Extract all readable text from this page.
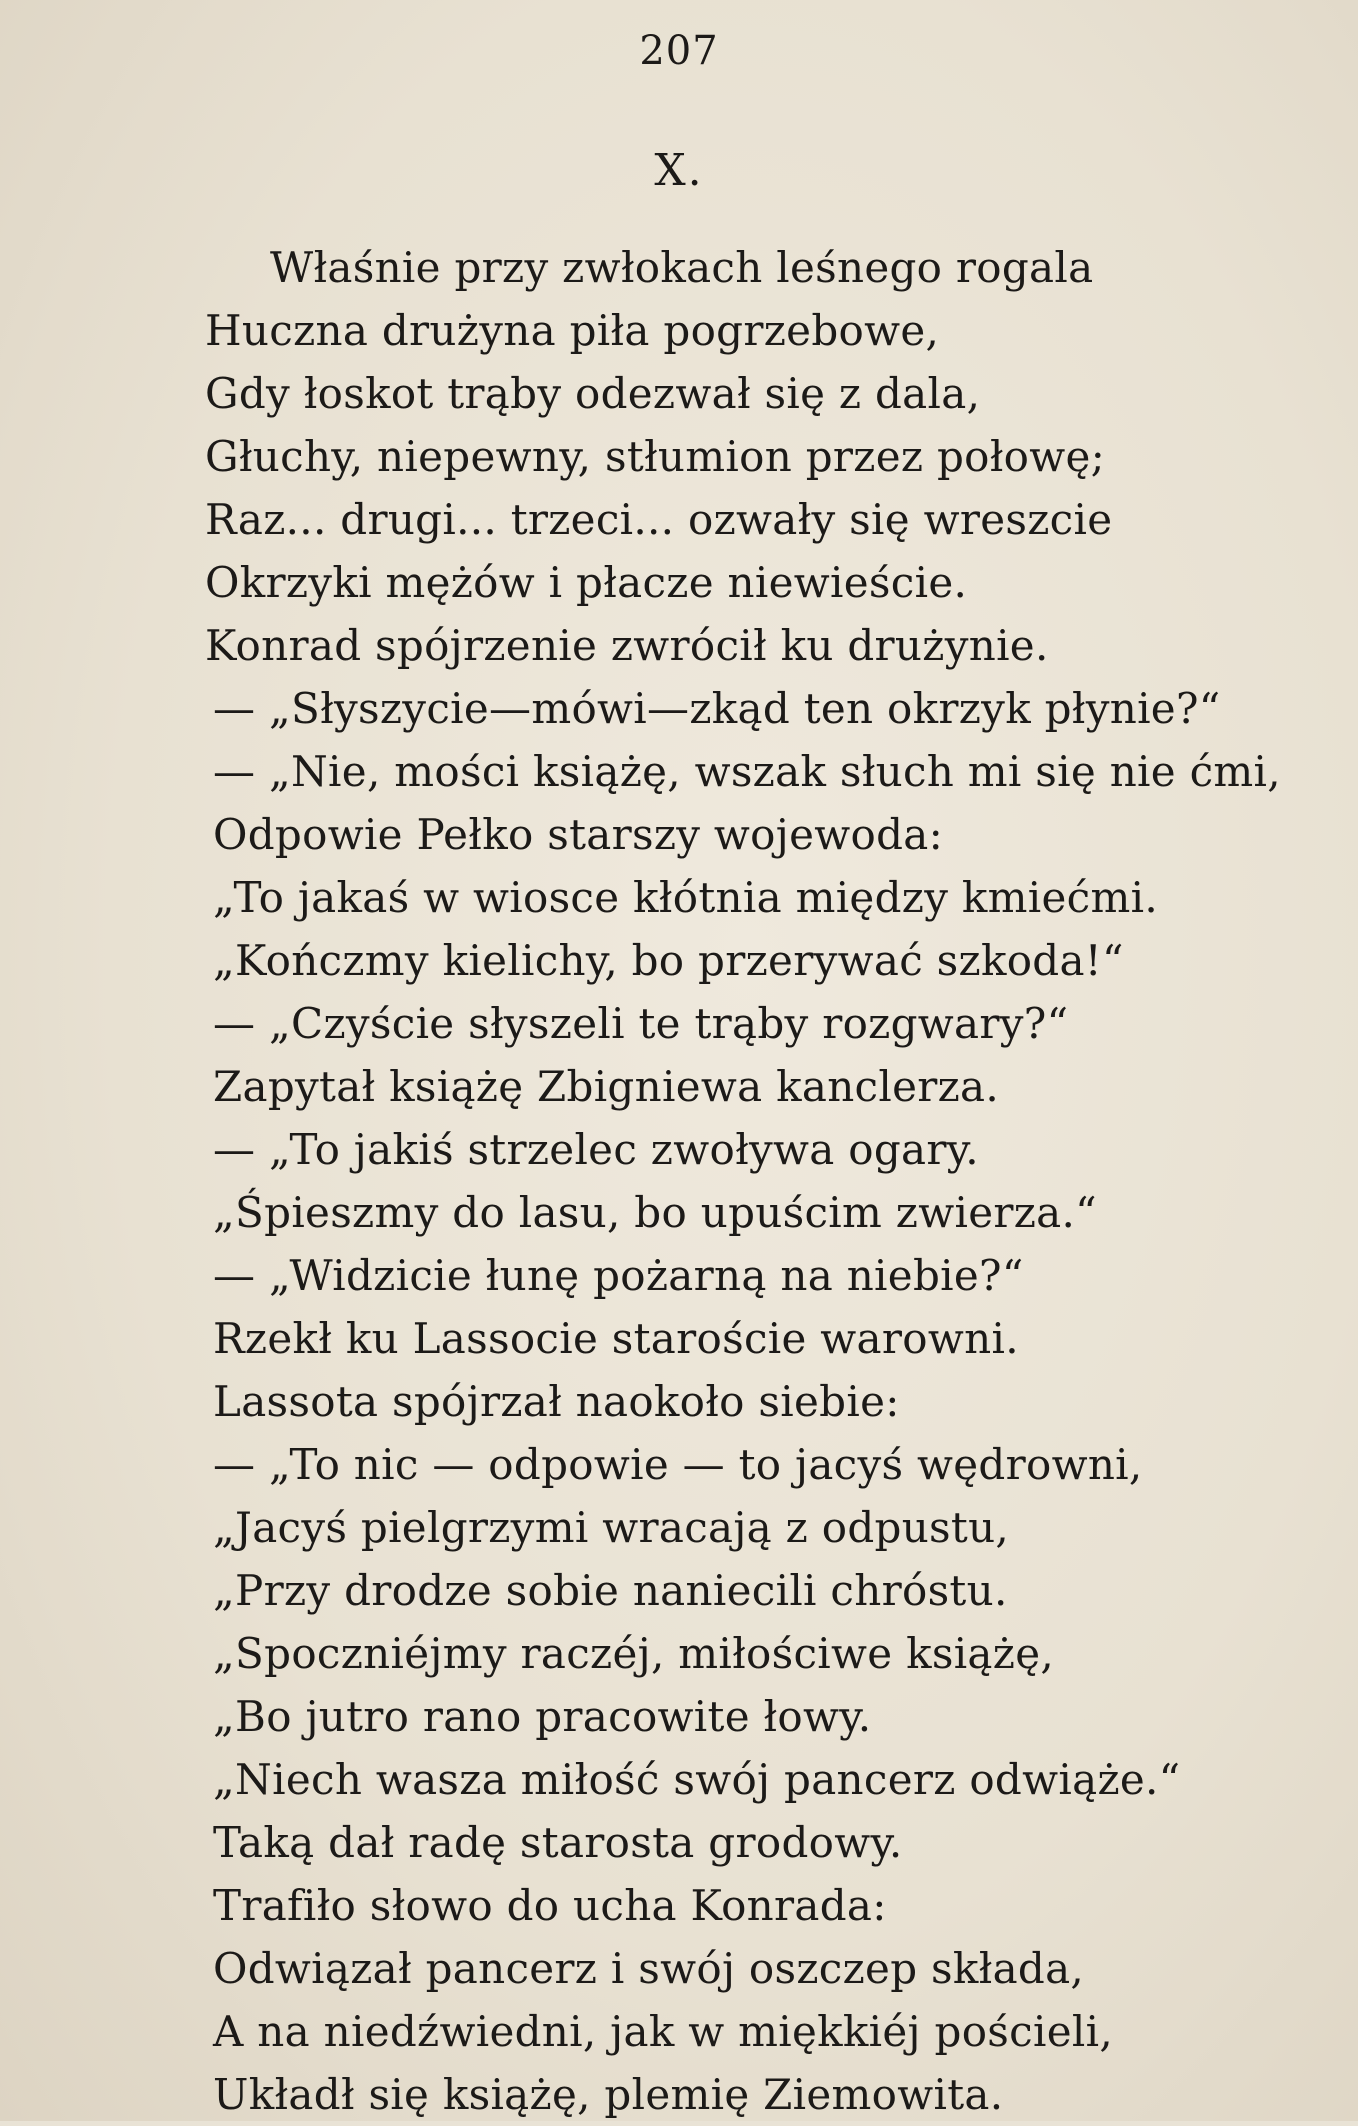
207
X.
Właśnie przy zwłokach leśnego rogala
Huczna drużyna piła pogrzebowe,
Gdy łoskot trąby odezwał się z dala,
Głuchy, niepewny, stłumion przez połowę;
Raz... drugi... trzeci... ozwały się wreszcie
Okrzyki mężów i płacze niewieście.
Konrad spójrzenie zwrócił ku drużynie.
— „Słyszycie—mówi—zkąd ten okrzyk płynie?“
— „Nie, mości książę, wszak słuch mi się nie ćmi,
Odpowie Pełko starszy wojewoda:
„To jakaś w wiosce kłótnia między kmiećmi.
„Kończmy kielichy, bo przerywać szkoda!“
— „Czyście słyszeli te trąby rozgwary?“
Zapytał książę Zbigniewa kanclerza.
— „To jakiś strzelec zwoływa ogary.
„Śpieszmy do lasu, bo upuścim zwierza.“
— „Widzicie łunę pożarną na niebie?“
Rzekł ku Lassocie staroście warowni.
Lassota spójrzał naokoło siebie:
— „To nic — odpowie — to jacyś wędrowni,
„Jacyś pielgrzymi wracają z odpustu,
„Przy drodze sobie naniecili chróstu.
„Spoczniéjmy raczéj, miłościwe książę,
„Bo jutro rano pracowite łowy.
„Niech wasza miłość swój pancerz odwiąże.“
Taką dał radę starosta grodowy.
Trafiło słowo do ucha Konrada:
Odwiązał pancerz i swój oszczep składa,
A na niedźwiedni, jak w miękkiéj pościeli,
Układł się książę, plemię Ziemowita.
